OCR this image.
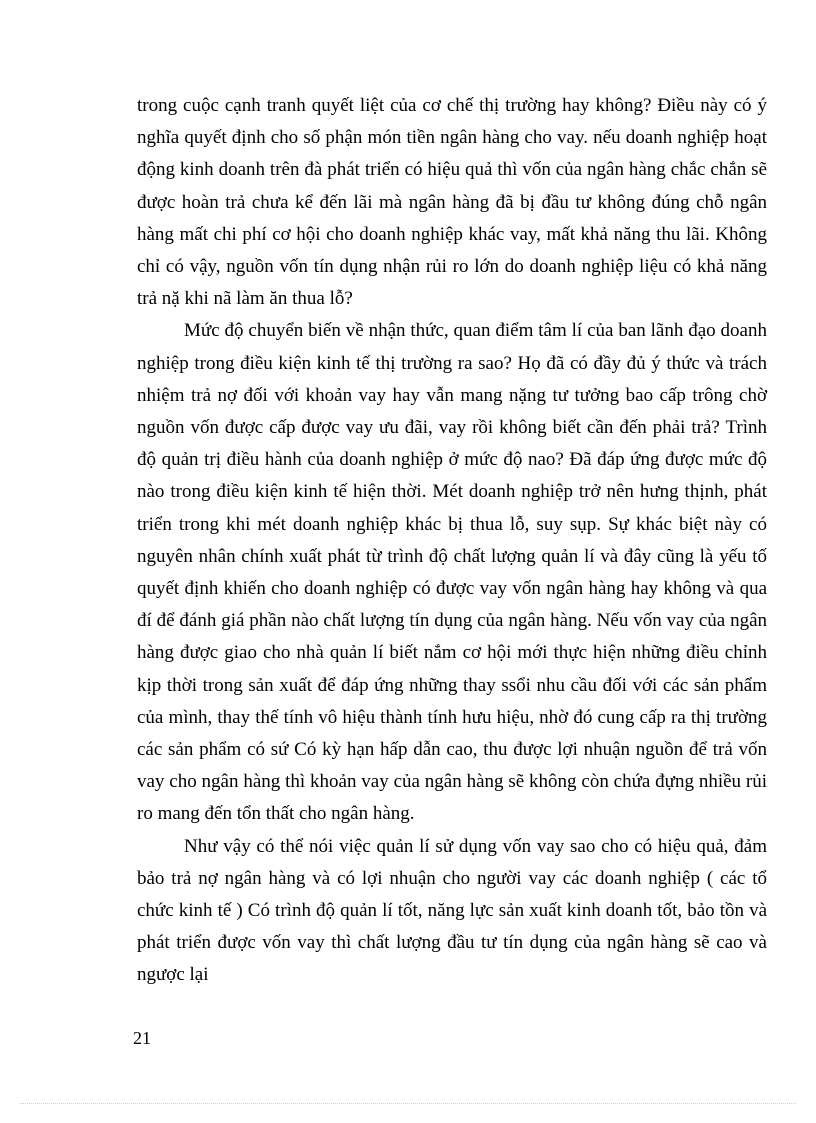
trong cuộc cạnh tranh quyết liệt của cơ chế thị trường hay không? Điều này có ý nghĩa quyết định cho số phận món tiền ngân hàng cho vay. nếu doanh nghiệp hoạt động kinh doanh trên đà phát triển có hiệu quả thì vốn của ngân hàng chắc chắn sẽ được hoàn trả chưa kể đến lãi mà ngân hàng đã bị đầu tư không đúng chỗ ngân hàng mất chi phí cơ hội cho doanh nghiệp khác vay, mất khả năng thu lãi. Không chỉ có vậy, nguồn vốn tín dụng nhận rủi ro lớn do doanh nghiệp liệu có khả năng trả nặ khi nã làm ăn thua lỗ?

Mức độ chuyển biến về nhận thức, quan điểm tâm lí của ban lãnh đạo doanh nghiệp trong điều kiện kinh tế thị trường ra sao? Họ đã có đầy đủ ý thức và trách nhiệm trả nợ đối với khoản vay hay vẫn mang nặng tư tưởng bao cấp trông chờ nguồn vốn được cấp được vay ưu đãi, vay rồi không biết cần đến phải trả? Trình độ quản trị điều hành của doanh nghiệp ở mức độ nao? Đã đáp ứng được mức độ nào trong điều kiện kinh tế hiện thời. Mét doanh nghiệp trở nên hưng thịnh, phát triển trong khi mét doanh nghiệp khác bị thua lỗ, suy sụp. Sự khác biệt này có nguyên nhân chính xuất phát từ trình độ chất lượng quản lí và đây cũng là yếu tố quyết định khiến cho doanh nghiệp có được vay vốn ngân hàng hay không và qua đí để đánh giá phần nào chất lượng tín dụng của ngân hàng. Nếu vốn vay của ngân hàng được giao cho nhà quản lí biết nắm cơ hội mới thực hiện những điều chỉnh kịp thời trong sản xuất để đáp ứng những thay ssổi nhu cầu đối với các sản phẩm của mình, thay thế tính vô hiệu thành tính hưu hiệu, nhờ đó cung cấp ra thị trường các sản phẩm có sứ Có kỳ hạn hấp dẫn cao, thu được lợi nhuận nguồn để trả vốn vay cho ngân hàng thì khoản vay của ngân hàng sẽ không còn chứa đựng nhiều rủi ro mang đến tổn thất cho ngân hàng.

Như vậy có thể nói việc quản lí sử dụng vốn vay sao cho có hiệu quả, đảm bảo trả nợ ngân hàng và có lợi nhuận cho người vay các doanh nghiệp ( các tổ chức kinh tế ) Có trình độ quản lí tốt, năng lực sản xuất kinh doanh tốt, bảo tồn và phát triển được vốn vay thì chất lượng đầu tư tín dụng của ngân hàng sẽ cao và ngược lại

21
